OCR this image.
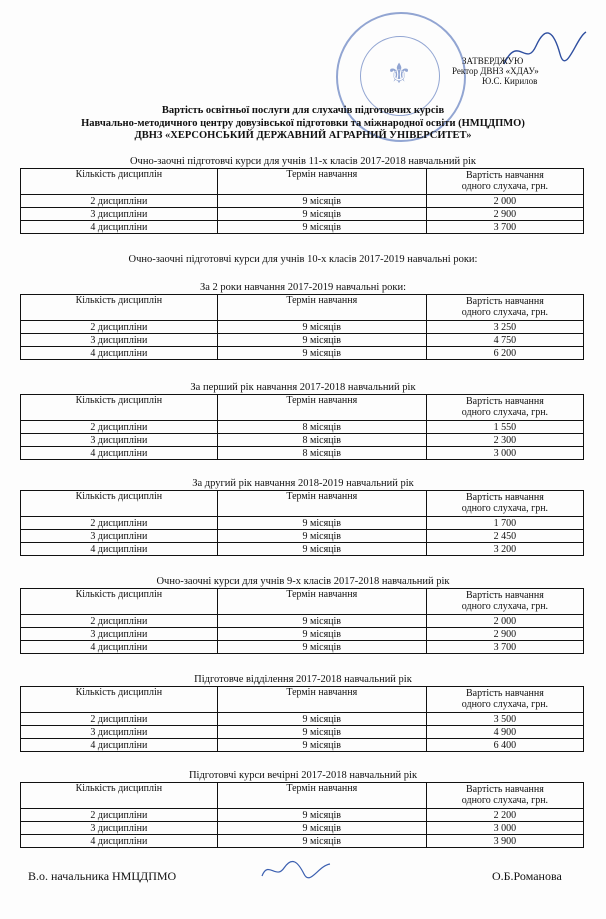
⚜	ЗАТВЕРДЖУЮ
Ректор ДВНЗ «ХДАУ»
Ю.С. Кирилов
Вартість освітньої послуги для слухачів підготовчих курсів
Навчально-методичного центру довузівської підготовки та міжнародної освіти (НМЦДПМО)
ДВНЗ «ХЕРСОНСЬКИЙ ДЕРЖАВНИЙ АГРАРНИЙ УНІВЕРСИТЕТ»
Очно-заочні підготовчі курси для учнів 11-х класів 2017-2018 навчальний рік
Кількість дисциплін	Термін навчання	Вартість навчання
одного слухача, грн.
2 дисципліни	9 місяців	2 000
3 дисципліни	9 місяців	2 900
4 дисципліни	9 місяців	3 700
Очно-заочні підготовчі курси для учнів 10-х класів 2017-2019 навчальні роки:
За 2 роки навчання 2017-2019 навчальні роки:
Кількість дисциплін	Термін навчання	Вартість навчання
одного слухача, грн.
2 дисципліни	9 місяців	3 250
3 дисципліни	9 місяців	4 750
4 дисципліни	9 місяців	6 200
За перший рік навчання 2017-2018 навчальний рік
Кількість дисциплін	Термін навчання	Вартість навчання
одного слухача, грн.
2 дисципліни	8 місяців	1 550
3 дисципліни	8 місяців	2 300
4 дисципліни	8 місяців	3 000
За другий рік навчання 2018-2019 навчальний рік
Кількість дисциплін	Термін навчання	Вартість навчання
одного слухача, грн.
2 дисципліни	9 місяців	1 700
3 дисципліни	9 місяців	2 450
4 дисципліни	9 місяців	3 200
Очно-заочні курси для учнів 9-х класів 2017-2018 навчальний рік
Кількість дисциплін	Термін навчання	Вартість навчання
одного слухача, грн.
2 дисципліни	9 місяців	2 000
3 дисципліни	9 місяців	2 900
4 дисципліни	9 місяців	3 700
Підготовче відділення 2017-2018 навчальний рік
Кількість дисциплін	Термін навчання	Вартість навчання
одного слухача, грн.
2 дисципліни	9 місяців	3 500
3 дисципліни	9 місяців	4 900
4 дисципліни	9 місяців	6 400
Підготовчі курси вечірні 2017-2018 навчальний рік
Кількість дисциплін	Термін навчання	Вартість навчання
одного слухача, грн.
2 дисципліни	9 місяців	2 200
3 дисципліни	9 місяців	3 000
4 дисципліни	9 місяців	3 900
В.о. начальника НМЦДПМО	О.Б.Романова
